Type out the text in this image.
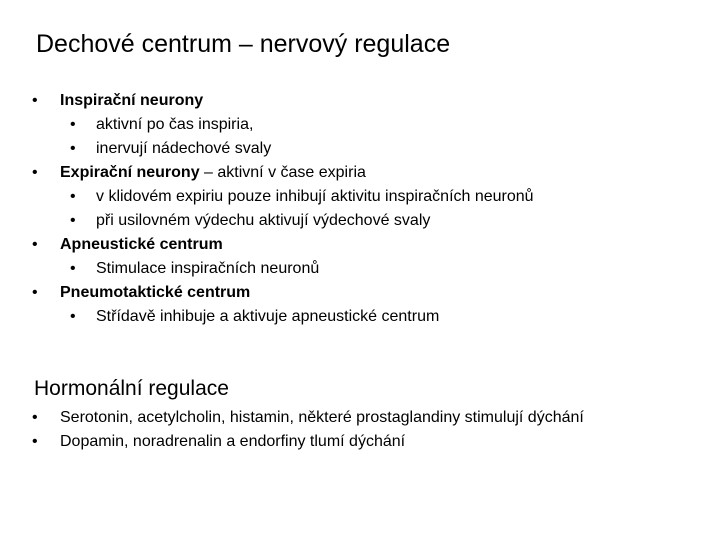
Dechové centrum – nervový regulace
• Inspirační neurony
• aktivní po čas inspiria,
• inervují nádechové svaly
• Expirační neurony – aktivní v čase expiria
• v klidovém expiriu pouze inhibují aktivitu inspiračních neuronů
• při usilovném výdechu aktivují výdechové svaly
• Apneustické centrum
• Stimulace inspiračních neuronů
• Pneumotaktické centrum
• Střídavě inhibuje a aktivuje apneustické centrum
Hormonální regulace
• Serotonin, acetylcholin, histamin, některé prostaglandiny stimulují dýchání
• Dopamin, noradrenalin a endorfiny tlumí dýchání
